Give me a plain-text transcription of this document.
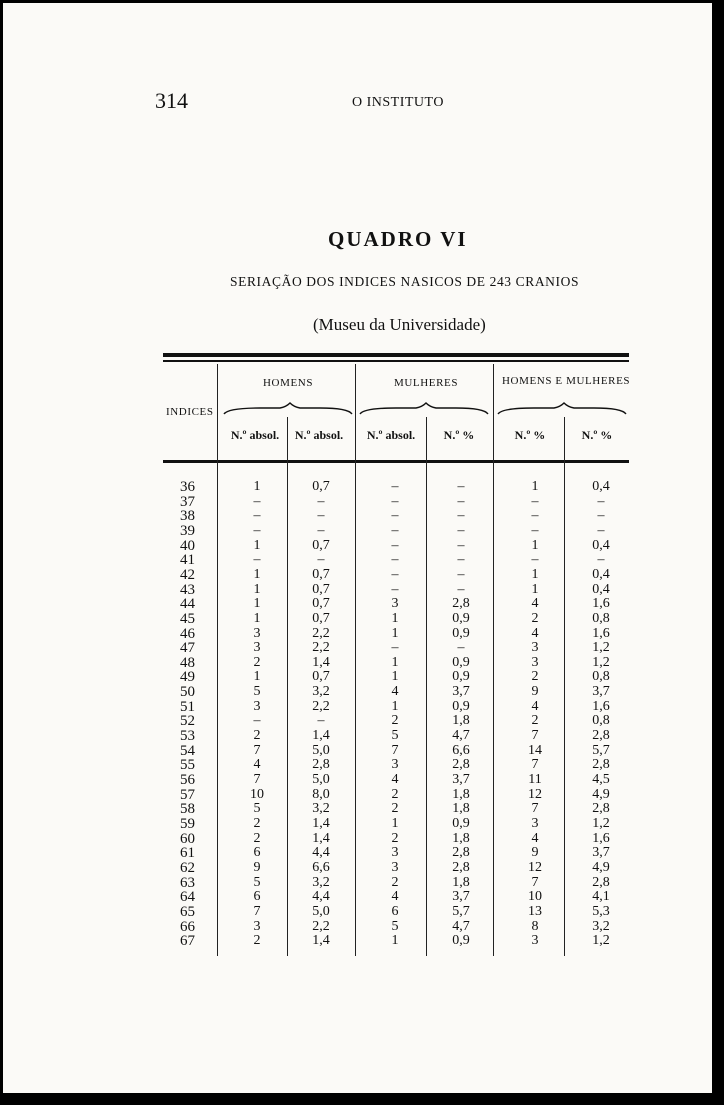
314	O INSTITUTO
QUADRO VI
SERIAÇÃO DOS INDICES NASICOS DE 243 CRANIOS
(Museu da Universidade)
INDICES
HOMENS	MULHERES	HOMENS E MULHERES
N.º absol.	N.º absol.	N.º absol.	N.º %	N.º %	N.º %
36	1	0,7	–	–	1	0,4
37	–	–	–	–	–	–
38	–	–	–	–	–	–
39	–	–	–	–	–	–
40	1	0,7	–	–	1	0,4
41	–	–	–	–	–	–
42	1	0,7	–	–	1	0,4
43	1	0,7	–	–	1	0,4
44	1	0,7	3	2,8	4	1,6
45	1	0,7	1	0,9	2	0,8
46	3	2,2	1	0,9	4	1,6
47	3	2,2	–	–	3	1,2
48	2	1,4	1	0,9	3	1,2
49	1	0,7	1	0,9	2	0,8
50	5	3,2	4	3,7	9	3,7
51	3	2,2	1	0,9	4	1,6
52	–	–	2	1,8	2	0,8
53	2	1,4	5	4,7	7	2,8
54	7	5,0	7	6,6	14	5,7
55	4	2,8	3	2,8	7	2,8
56	7	5,0	4	3,7	11	4,5
57	10	8,0	2	1,8	12	4,9
58	5	3,2	2	1,8	7	2,8
59	2	1,4	1	0,9	3	1,2
60	2	1,4	2	1,8	4	1,6
61	6	4,4	3	2,8	9	3,7
62	9	6,6	3	2,8	12	4,9
63	5	3,2	2	1,8	7	2,8
64	6	4,4	4	3,7	10	4,1
65	7	5,0	6	5,7	13	5,3
66	3	2,2	5	4,7	8	3,2
67	2	1,4	1	0,9	3	1,2
